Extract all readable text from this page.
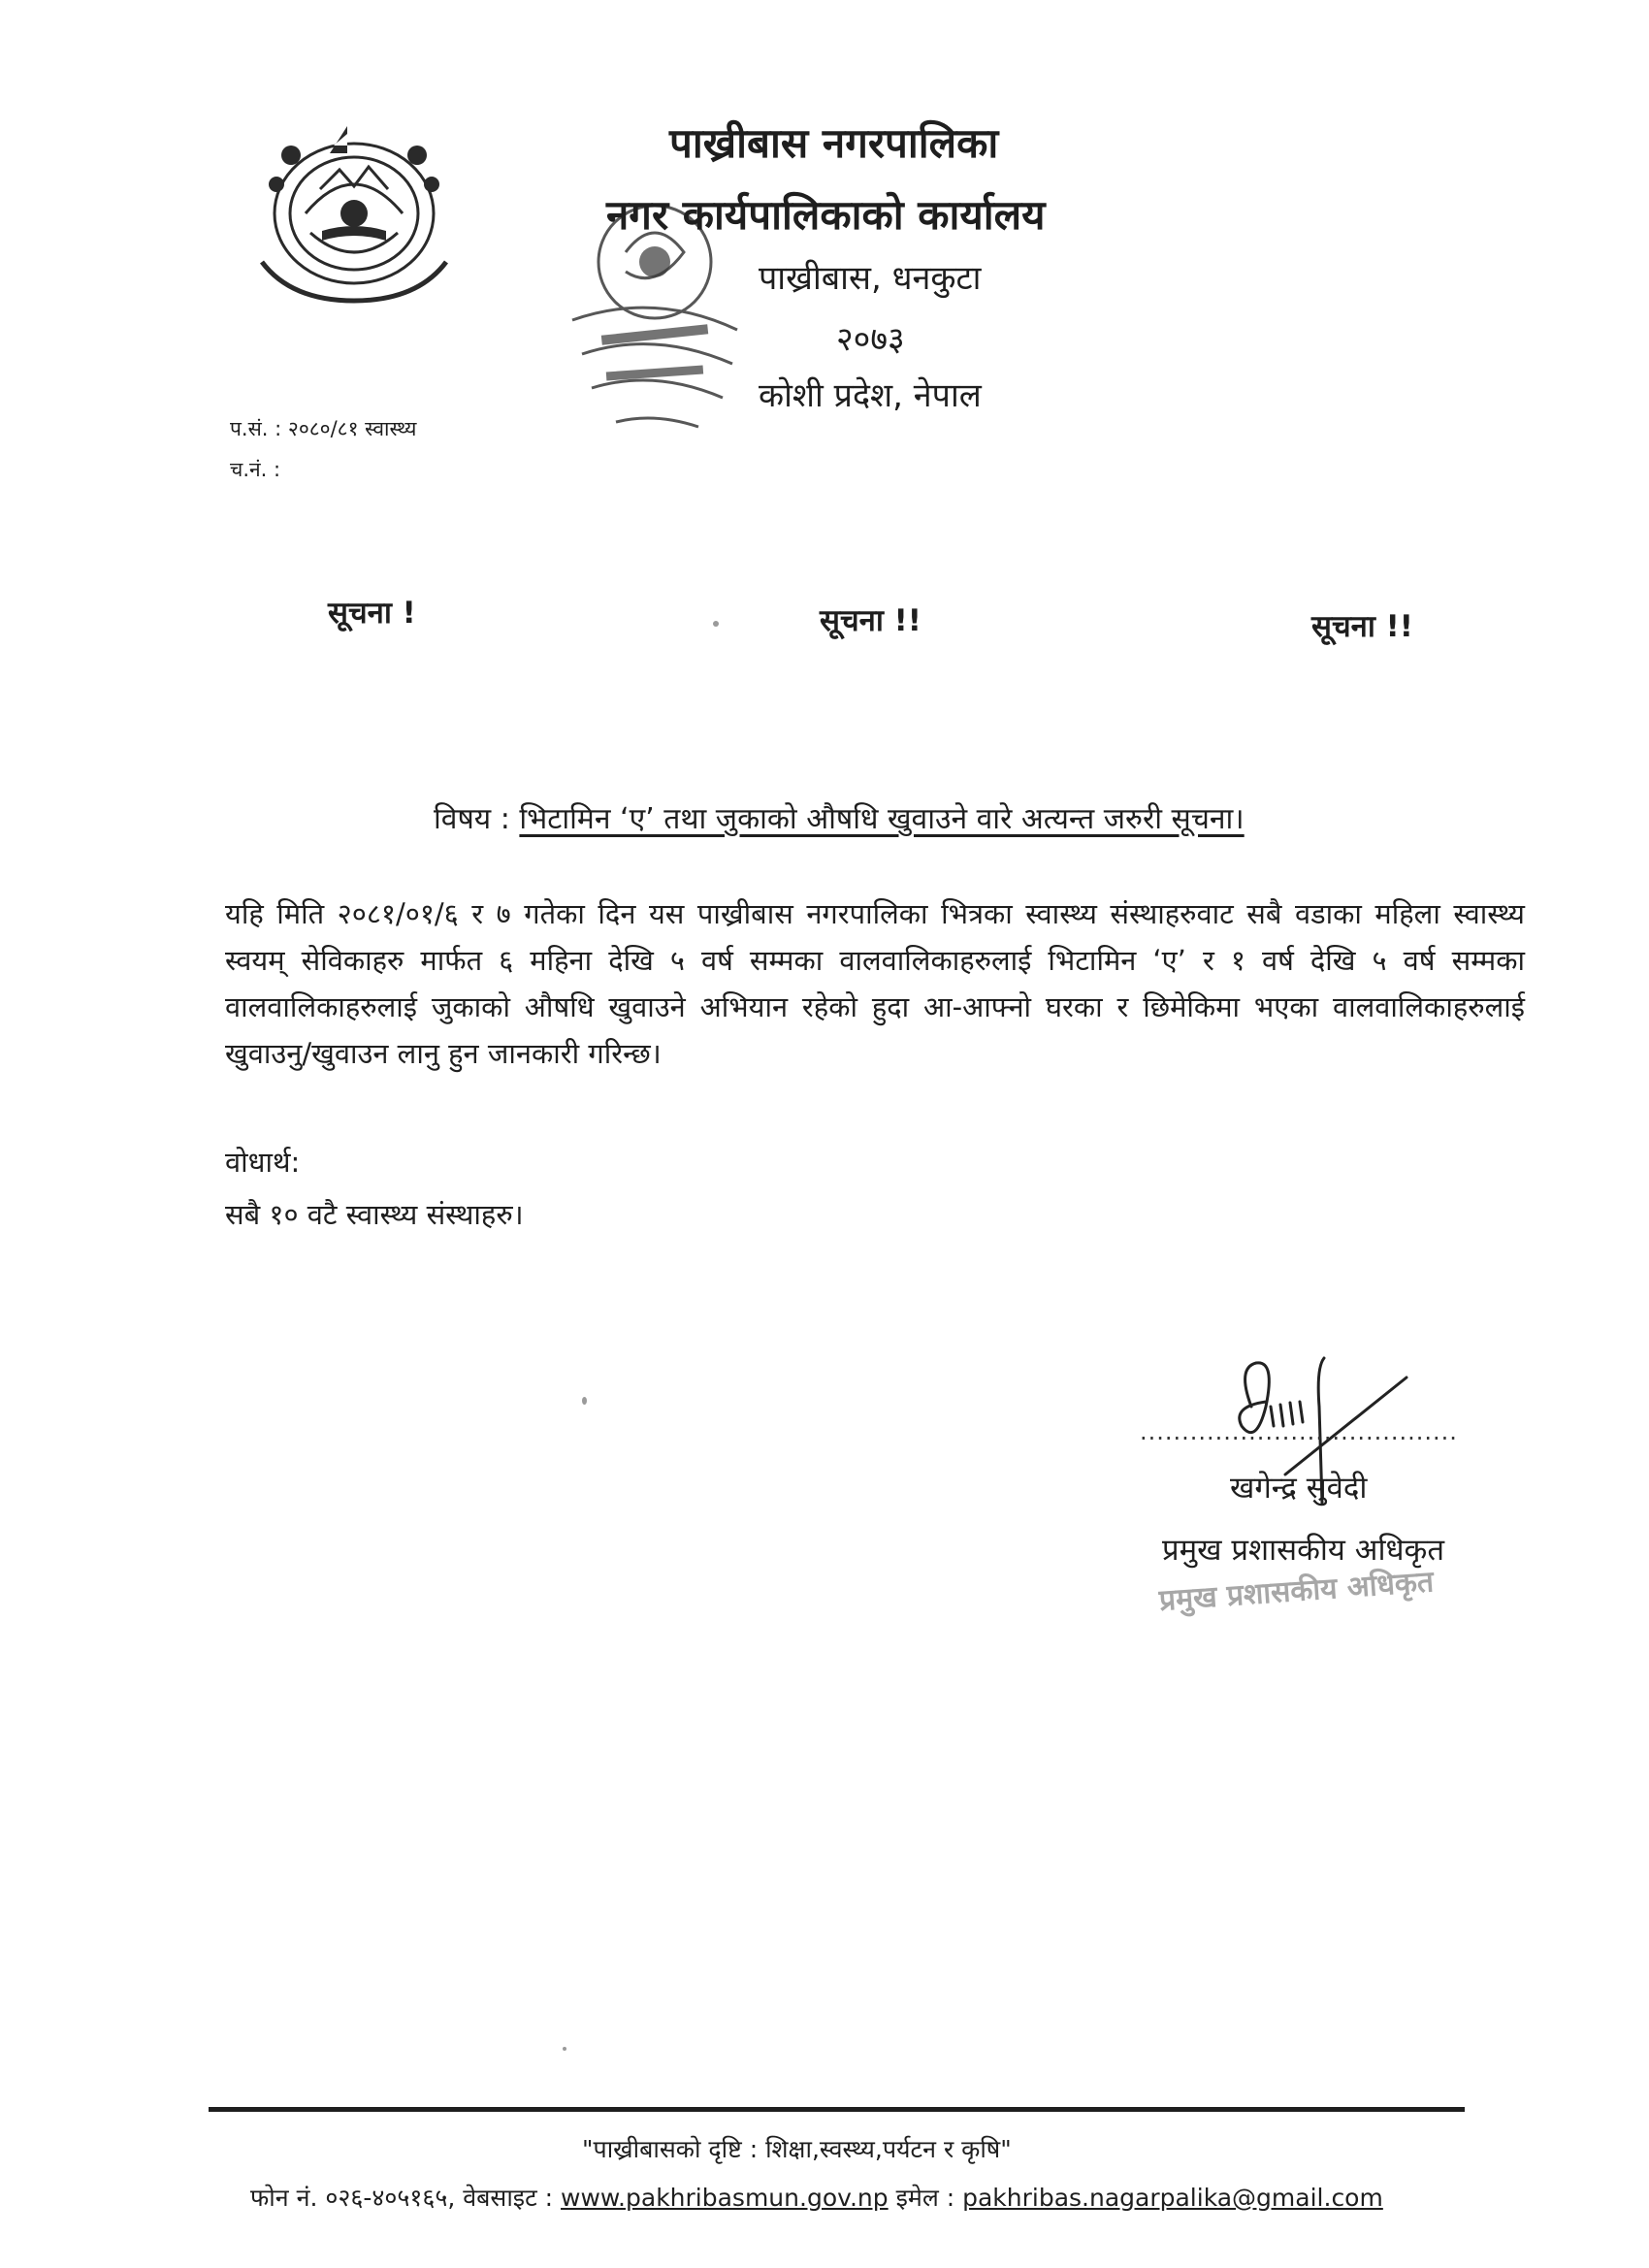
पाख्रीबास नगरपालिका
नगर कार्यपालिकाको कार्यालय
पाख्रीबास, धनकुटा
२०७३
कोशी प्रदेश, नेपाल
प.सं. : २०८०/८१ स्वास्थ्य
च.नं. :
सूचना !	सूचना !!	सूचना !!
विषय : भिटामिन ‘ए’ तथा जुकाको औषधि खुवाउने वारे अत्यन्त जरुरी सूचना।
यहि मिति २०८१/०१/६ र ७ गतेका दिन यस पाख्रीबास नगरपालिका भित्रका स्वास्थ्य संस्थाहरुवाट सबै वडाका महिला स्वास्थ्य स्वयम् सेविकाहरु मार्फत ६ महिना देखि ५ वर्ष सम्मका वालवालिकाहरुलाई भिटामिन ‘ए’ र १ वर्ष देखि ५ वर्ष सम्मका वालवालिकाहरुलाई जुकाको औषधि खुवाउने अभियान रहेको हुदा आ-आफ्नो घरका र छिमेकिमा भएका वालवालिकाहरुलाई खुवाउनु/खुवाउन लानु हुन जानकारी गरिन्छ।
वोधार्थ:
सबै १० वटै स्वास्थ्य संस्थाहरु।
......................................
खगेन्द्र सुवेदी
प्रमुख प्रशासकीय अधिकृत
प्रमुख प्रशासकीय अधिकृत
"पाख्रीबासको दृष्टि : शिक्षा,स्वस्थ्य,पर्यटन र कृषि"
फोन नं. ०२६-४०५१६५, वेबसाइट : www.pakhribasmun.gov.np इमेल : pakhribas.nagarpalika@gmail.com
